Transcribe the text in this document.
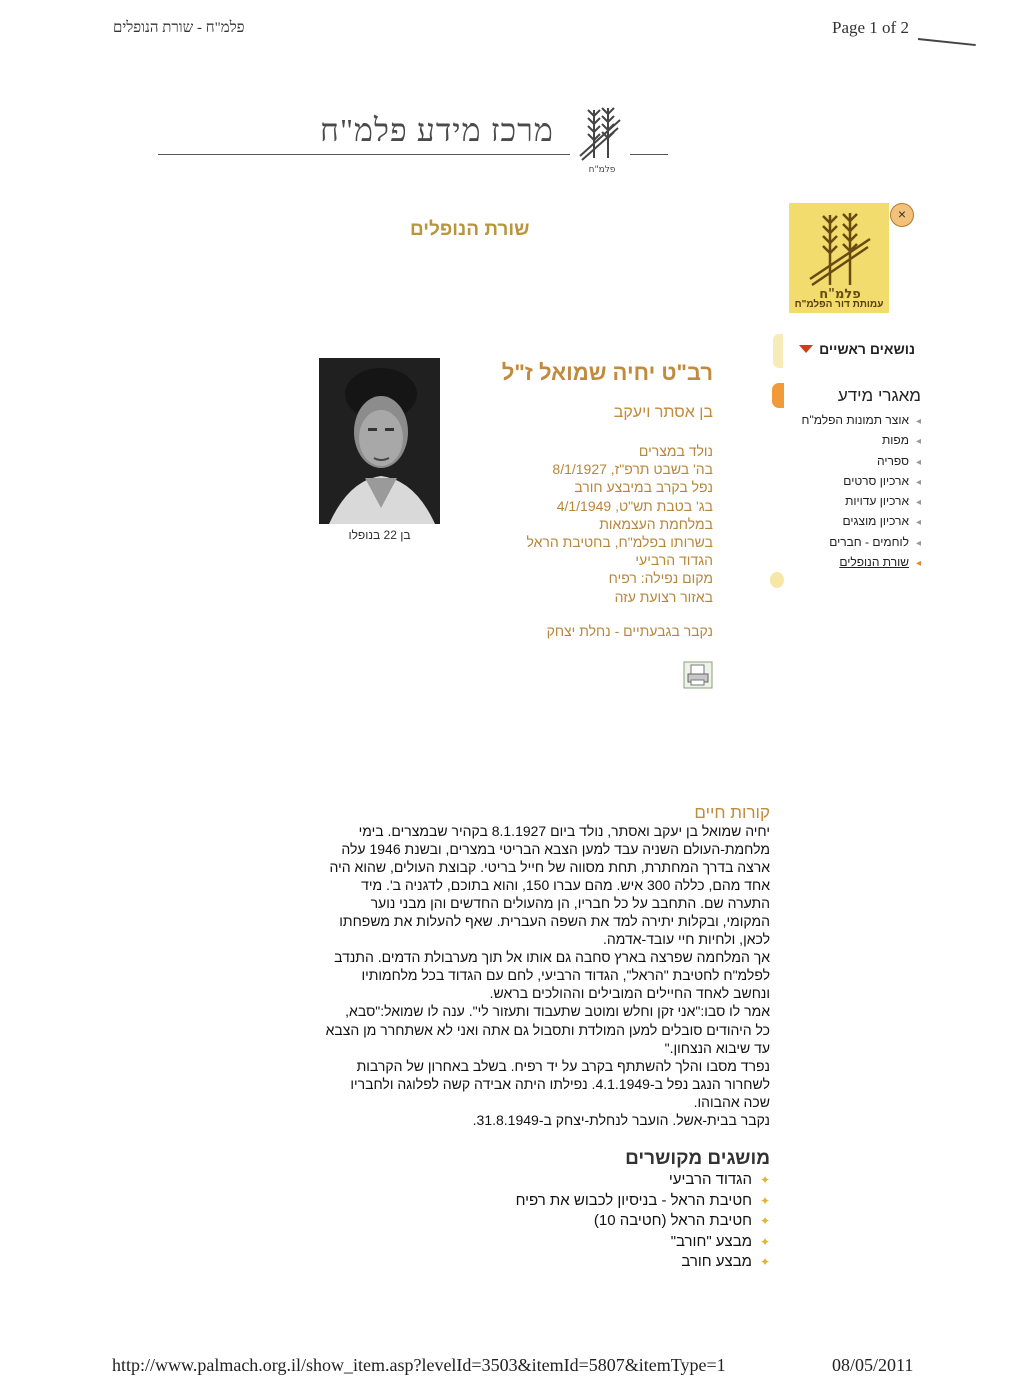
פלמ"ח - שורת הנופלים	Page 1 of 2
מרכז מידע פלמ"ח
פלמ"ח
שורת הנופלים
פלמ"ח
עמותת דור הפלמ"ח
×
נושאים ראשיים
מאגרי מידע
◂אוצר תמונות הפלמ"ח
◂מפות
◂ספריה
◂ארכיון סרטים
◂ארכיון עדויות
◂ארכיון מוצגים
◂לוחמים - חברים
◂שורת הנופלים
בן 22 בנופלו
רב"ט יחיה שמואל ז"ל
בן אסתר ויעקב
נולד במצרים
בה' בשבט תרפ"ז, 8/1/1927
נפל בקרב במיבצע חורב
בג' בטבת תש"ט, 4/1/1949
במלחמת העצמאות
בשרותו בפלמ"ח, בחטיבת הראל
הגדוד הרביעי
מקום נפילה: רפיח
באזור רצועת עזה
נקבר בגבעתיים - נחלת יצחק
קורות חיים
יחיה שמואל בן יעקב ואסתר, נולד ביום 8.1.1927 בקהיר שבמצרים. בימי
מלחמת-העולם השניה עבד למען הצבא הבריטי במצרים, ובשנת 1946 עלה
ארצה בדרך המחתרת, תחת מסווה של חייל בריטי. קבוצת העולים, שהוא היה
אחד מהם, כללה 300 איש. מהם עברו 150, והוא בתוכם, לדגניה ב'. מיד
התערה שם. התחבב על כל חבריו, הן מהעולים החדשים והן מבני נוער
המקומי, ובקלות יתירה למד את השפה העברית. שאף להעלות את משפחתו
לכאן, ולחיות חיי עובד-אדמה.
אך המלחמה שפרצה בארץ סחבה גם אותו אל תוך מערבולת הדמים. התנדב
לפלמ"ח לחטיבת "הראל", הגדוד הרביעי, לחם עם הגדוד בכל מלחמותיו
ונחשב לאחד החיילים המובילים וההולכים בראש.
אמר לו סבו:"אני זקן וחלש ומוטב שתעבוד ותעזור לי". ענה לו שמואל:"סבא,
כל היהודים סובלים למען המולדת ותסבול גם אתה ואני לא אשתחרר מן הצבא
עד שיבוא הנצחון."
נפרד מסבו והלך להשתתף בקרב על יד רפיח. בשלב באחרון של הקרבות
לשחרור הנגב נפל ב-4.1.1949. נפילתו היתה אבידה קשה לפלוגה ולחבריו
שכה אהבוהו.
נקבר בבית-אשל. הועבר לנחלת-יצחק ב-31.8.1949.
מושגים מקושרים
✦הגדוד הרביעי
✦חטיבת הראל - בניסיון לכבוש את רפיח
✦חטיבת הראל (חטיבה 10)
✦מבצע "חורב"
✦מבצע חורב
http://www.palmach.org.il/show_item.asp?levelId=3503&itemId=5807&itemType=1	08/05/2011
